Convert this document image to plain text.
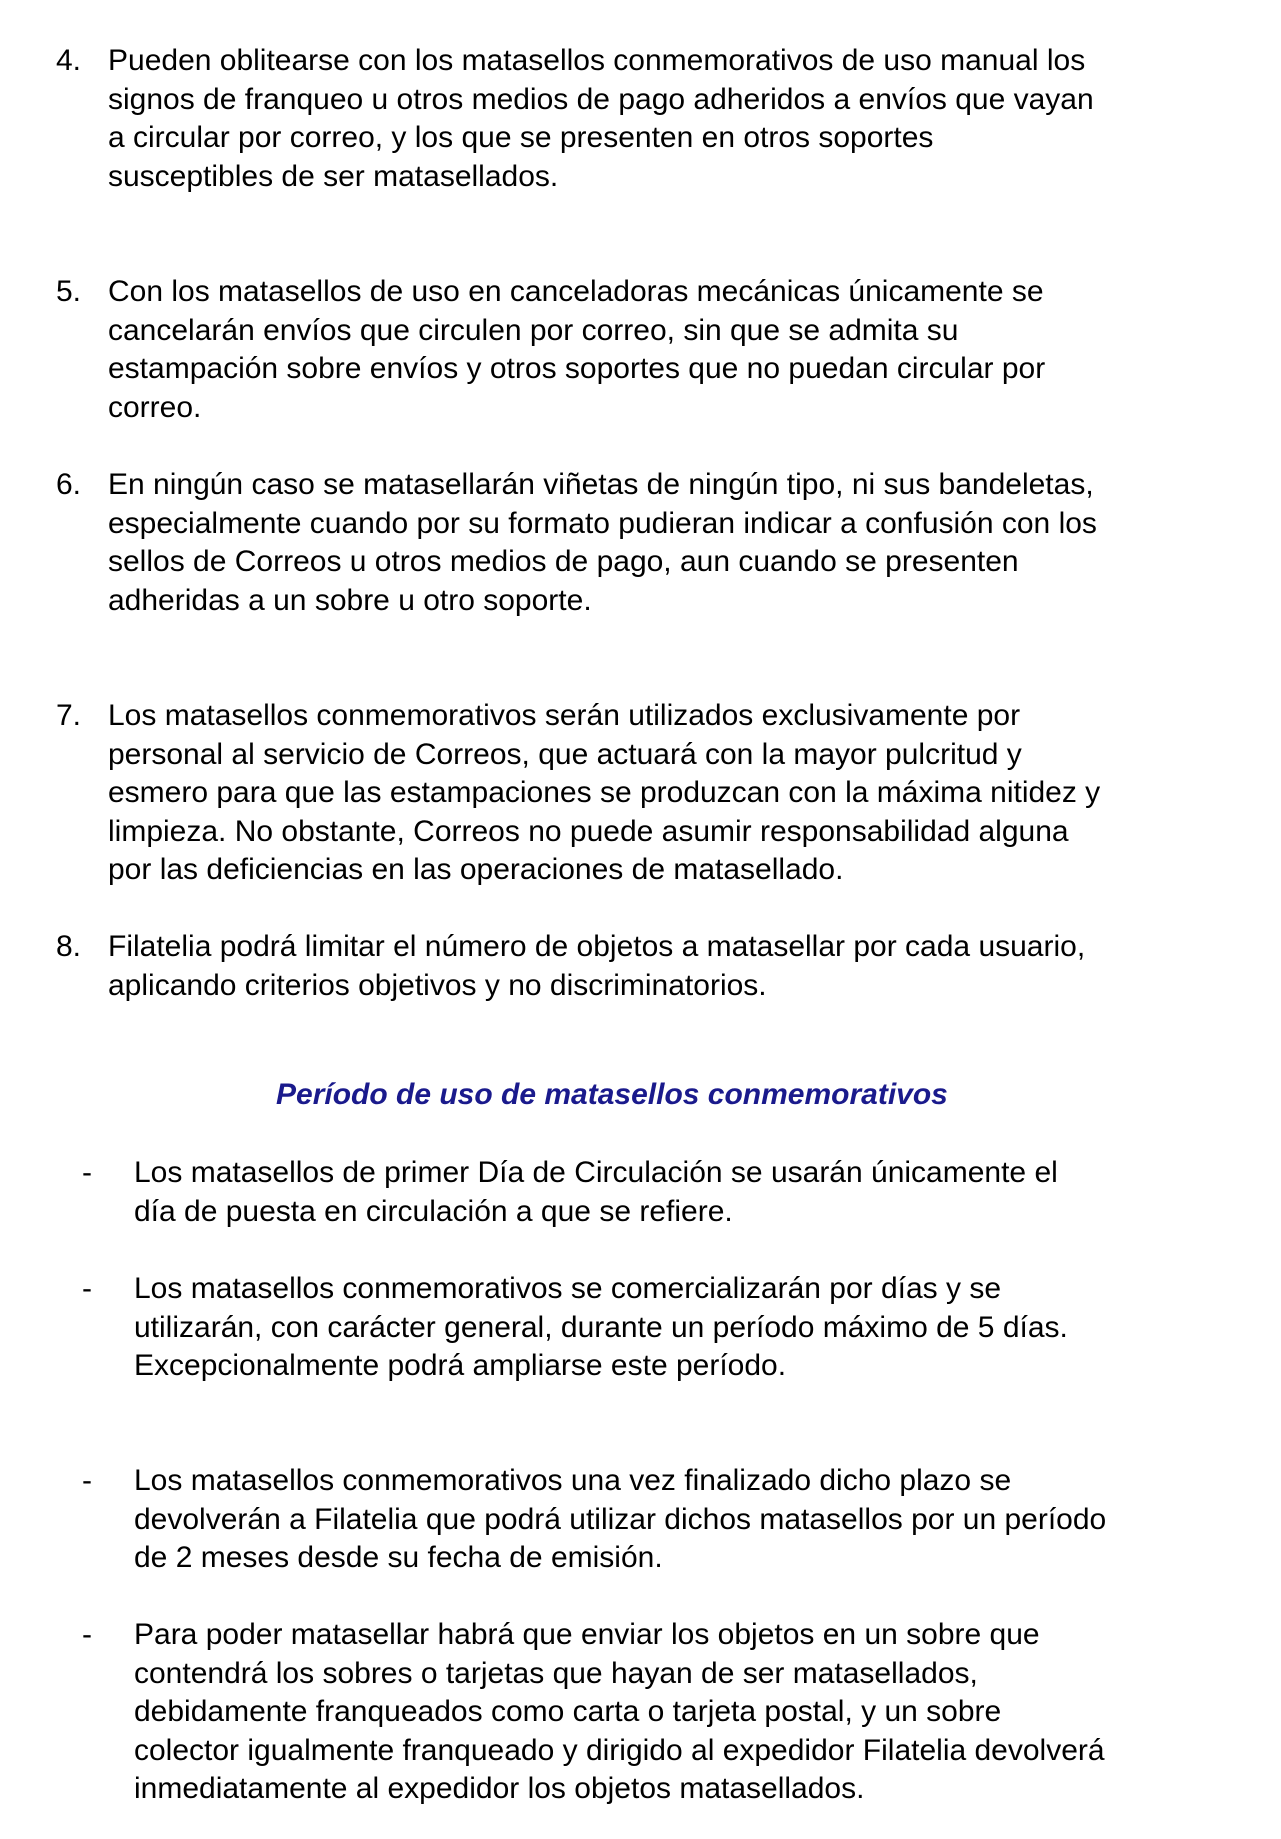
4. Pueden oblitearse con los matasellos conmemorativos de uso manual los
signos de franqueo u otros medios de pago adheridos a envíos que vayan
a circular por correo, y los que se presenten en otros soportes
susceptibles de ser matasellados.
5. Con los matasellos de uso en canceladoras mecánicas únicamente se
cancelarán envíos que circulen por correo, sin que se admita su
estampación sobre envíos y otros soportes que no puedan circular por
correo.
6. En ningún caso se matasellarán viñetas de ningún tipo, ni sus bandeletas,
especialmente cuando por su formato pudieran indicar a confusión con los
sellos de Correos u otros medios de pago, aun cuando se presenten
adheridas a un sobre u otro soporte.
7. Los matasellos conmemorativos serán utilizados exclusivamente por
personal al servicio de Correos, que actuará con la mayor pulcritud y
esmero para que las estampaciones se produzcan con la máxima nitidez y
limpieza. No obstante, Correos no puede asumir responsabilidad alguna
por las deficiencias en las operaciones de matasellado.
8. Filatelia podrá limitar el número de objetos a matasellar por cada usuario,
aplicando criterios objetivos y no discriminatorios.
Período de uso de matasellos conmemorativos
-	Los matasellos de primer Día de Circulación se usarán únicamente el
día de puesta en circulación a que se refiere.
-	Los matasellos conmemorativos se comercializarán por días y se
utilizarán, con carácter general, durante un período máximo de 5 días.
Excepcionalmente podrá ampliarse este período.
-	Los matasellos conmemorativos una vez finalizado dicho plazo se
devolverán a Filatelia que podrá utilizar dichos matasellos por un período
de 2 meses desde su fecha de emisión.
-	Para poder matasellar habrá que enviar los objetos en un sobre que
contendrá los sobres o tarjetas que hayan de ser matasellados,
debidamente franqueados como carta o tarjeta postal, y un sobre
colector igualmente franqueado y dirigido al expedidor Filatelia devolverá
inmediatamente al expedidor los objetos matasellados.
